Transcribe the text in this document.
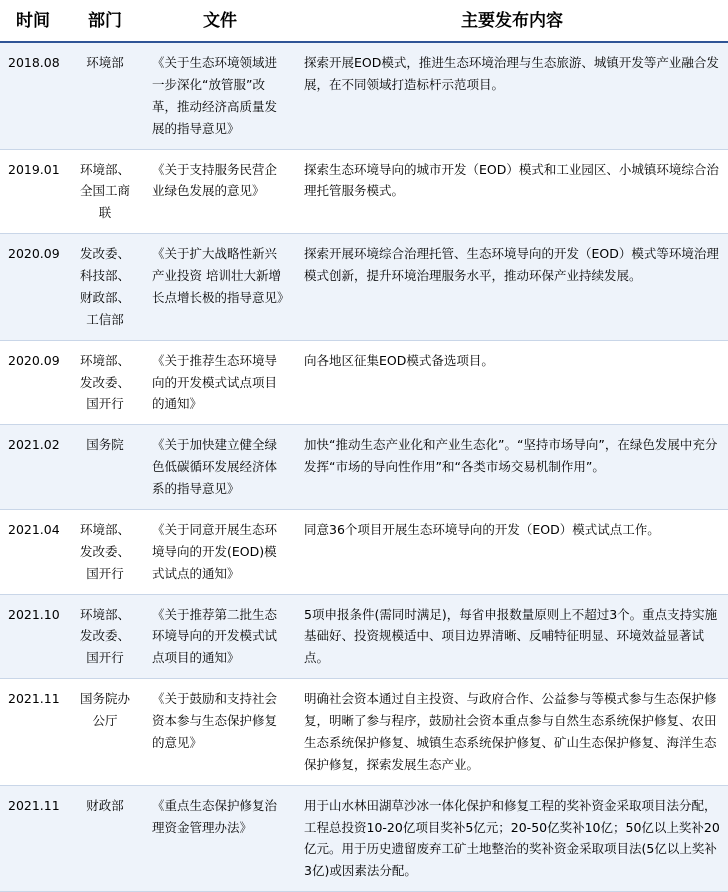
时间	部门	文件	主要发布内容
2018.08	环境部	《关于生态环境领域进一步深化“放管服”改革，推动经济高质量发展的指导意见》	探索开展EOD模式，推进生态环境治理与生态旅游、城镇开发等产业融合发展，在不同领域打造标杆示范项目。
2019.01	环境部、全国工商联	《关于支持服务民营企业绿色发展的意见》	探索生态环境导向的城市开发（EOD）模式和工业园区、小城镇环境综合治理托管服务模式。
2020.09	发改委、科技部、财政部、工信部	《关于扩大战略性新兴产业投资 培训壮大新增长点增长极的指导意见》	探索开展环境综合治理托管、生态环境导向的开发（EOD）模式等环境治理模式创新，提升环境治理服务水平，推动环保产业持续发展。
2020.09	环境部、发改委、国开行	《关于推荐生态环境导向的开发模式试点项目的通知》	向各地区征集EOD模式备选项目。
2021.02	国务院	《关于加快建立健全绿色低碳循环发展经济体系的指导意见》	加快“推动生态产业化和产业生态化”。“坚持市场导向”，在绿色发展中充分发挥“市场的导向性作用”和“各类市场交易机制作用”。
2021.04	环境部、发改委、国开行	《关于同意开展生态环境导向的开发(EOD)模式试点的通知》	同意36个项目开展生态环境导向的开发（EOD）模式试点工作。
2021.10	环境部、发改委、国开行	《关于推荐第二批生态环境导向的开发模式试点项目的通知》	5项申报条件(需同时满足)，每省申报数量原则上不超过3个。重点支持实施基础好、投资规模适中、项目边界清晰、反哺特征明显、环境效益显著试点。
2021.11	国务院办公厅	《关于鼓励和支持社会资本参与生态保护修复的意见》	明确社会资本通过自主投资、与政府合作、公益参与等模式参与生态保护修复，明晰了参与程序，鼓励社会资本重点参与自然生态系统保护修复、农田生态系统保护修复、城镇生态系统保护修复、矿山生态保护修复、海洋生态保护修复，探索发展生态产业。
2021.11	财政部	《重点生态保护修复治理资金管理办法》	用于山水林田湖草沙冰一体化保护和修复工程的奖补资金采取项目法分配，工程总投资10‐20亿项目奖补5亿元；20‐50亿奖补10亿；50亿以上奖补20亿元。用于历史遗留废弃工矿土地整治的奖补资金采取项目法(5亿以上奖补3亿)或因素法分配。
